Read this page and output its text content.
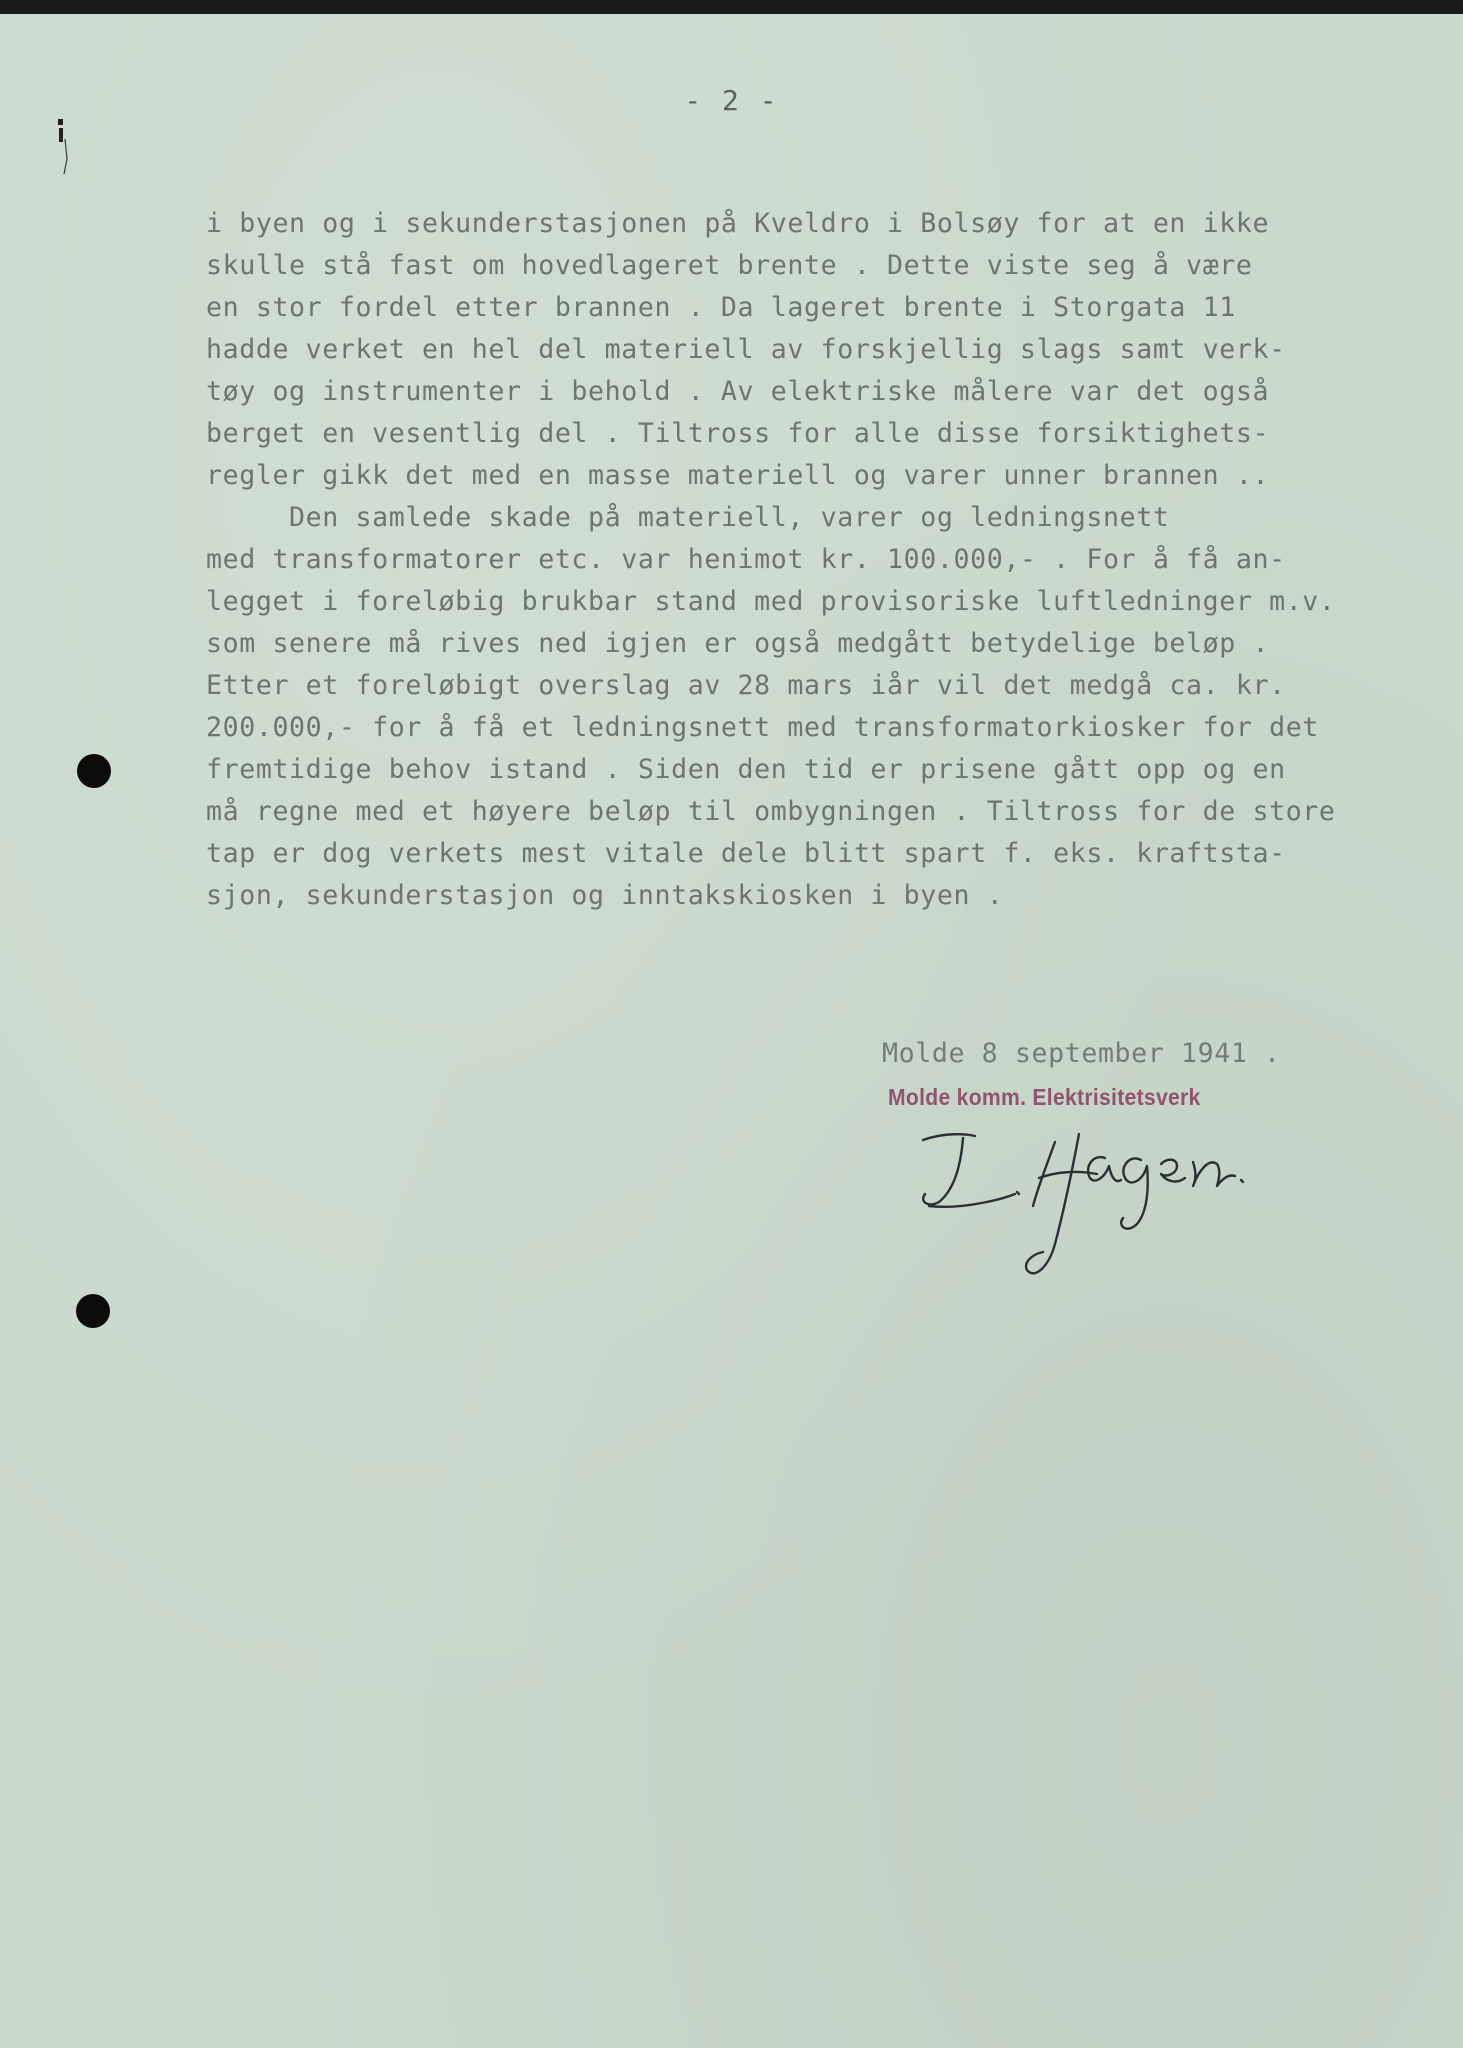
- 2 -
i byen og i sekunderstasjonen på Kveldro i Bolsøy for at en ikke
skulle stå fast om hovedlageret brente . Dette viste seg å være
en stor fordel etter brannen . Da lageret brente i Storgata 11
hadde verket en hel del materiell av forskjellig slags samt verk-
tøy og instrumenter i behold . Av elektriske målere var det også
berget en vesentlig del . Tiltross for alle disse forsiktighets-
regler gikk det med en masse materiell og varer unner brannen ..
Den samlede skade på materiell, varer og ledningsnett
med transformatorer etc. var henimot kr. 100.000,- . For å få an-
legget i foreløbig brukbar stand med provisoriske luftledninger m.v.
som senere må rives ned igjen er også medgått betydelige beløp .
Etter et foreløbigt overslag av 28 mars iår vil det medgå ca. kr.
200.000,- for å få et ledningsnett med transformatorkiosker for det
fremtidige behov istand . Siden den tid er prisene gått opp og en
må regne med et høyere beløp til ombygningen . Tiltross for de store
tap er dog verkets mest vitale dele blitt spart f. eks. kraftsta-
sjon, sekunderstasjon og inntakskiosken i byen .
Molde 8 september 1941 .
Molde komm. Elektrisitetsverk
